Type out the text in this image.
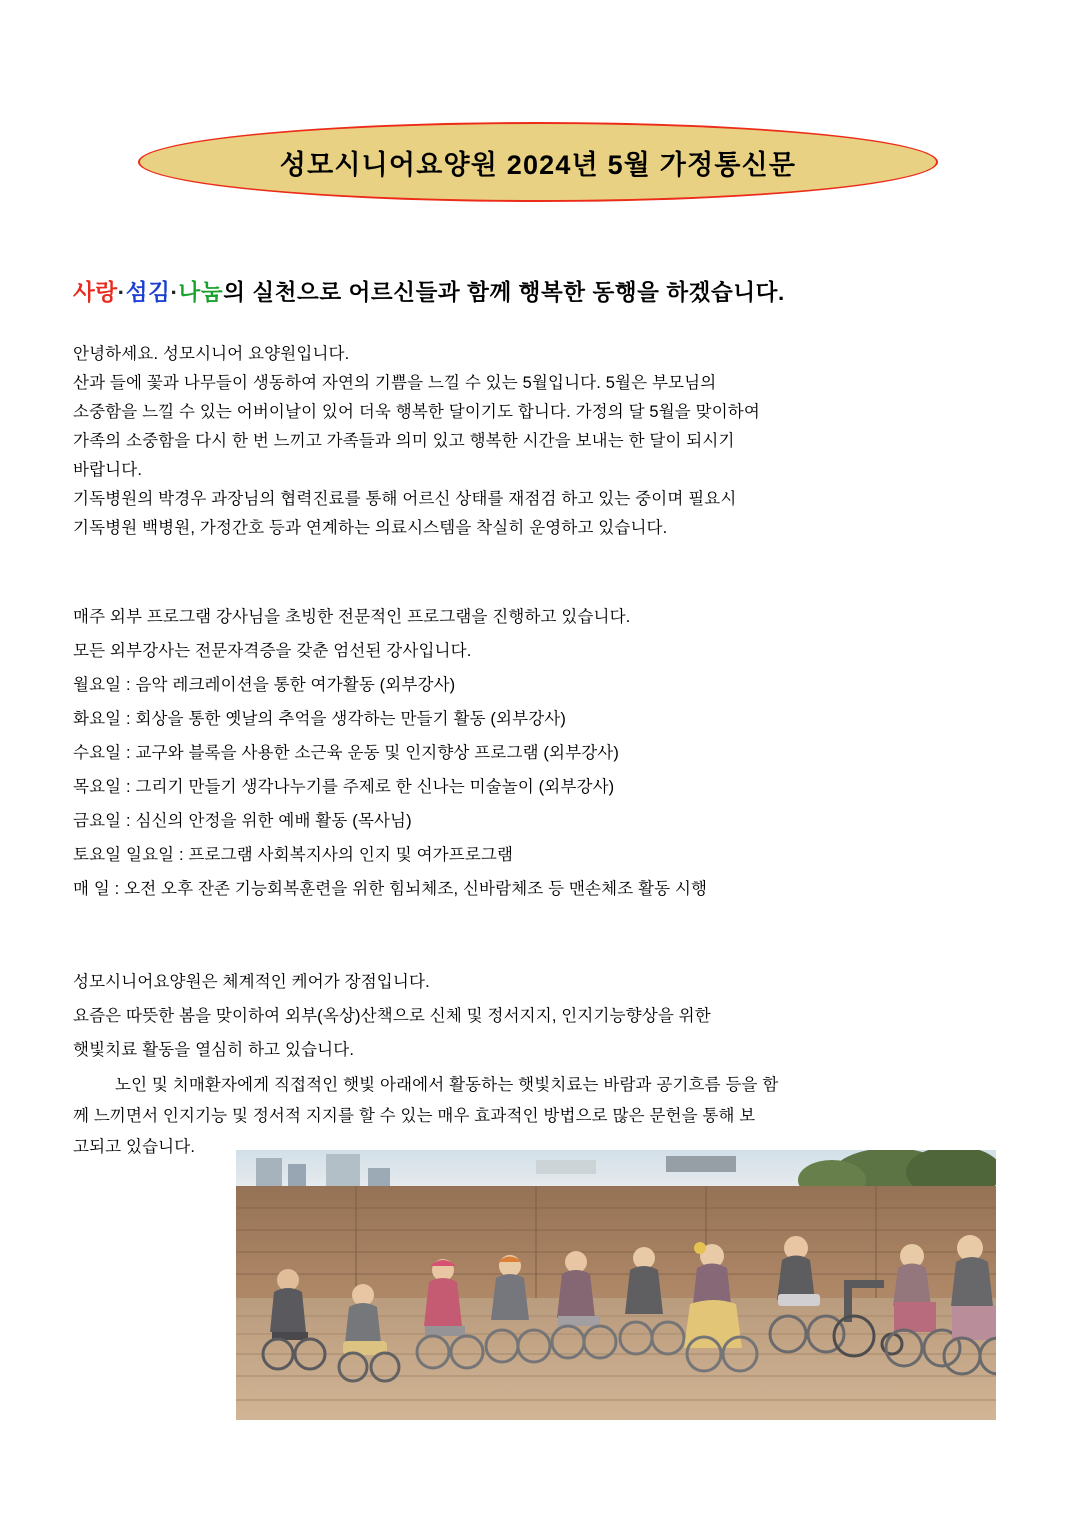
성모시니어요양원 2024년 5월 가정통신문
사랑·섬김·나눔의 실천으로 어르신들과 함께 행복한 동행을 하겠습니다.

안녕하세요. 성모시니어 요양원입니다.

산과 들에 꽃과 나무들이 생동하여 자연의 기쁨을 느낄 수 있는 5월입니다. 5월은 부모님의

소중함을 느낄 수 있는 어버이날이 있어 더욱 행복한 달이기도 합니다. 가정의 달 5월을 맞이하여

가족의 소중함을 다시 한 번 느끼고 가족들과 의미 있고 행복한 시간을 보내는 한 달이 되시기

바랍니다.

기독병원의 박경우 과장님의 협력진료를 통해 어르신 상태를 재점검 하고 있는 중이며 필요시

기독병원 백병원, 가정간호 등과 연계하는 의료시스템을 착실히 운영하고 있습니다.

매주 외부 프로그램 강사님을 초빙한 전문적인 프로그램을 진행하고 있습니다.

모든 외부강사는 전문자격증을 갖춘 엄선된 강사입니다.

월요일 : 음악 레크레이션을 통한 여가활동 (외부강사)

화요일 : 회상을 통한 옛날의 추억을 생각하는 만들기 활동 (외부강사)

수요일 : 교구와 블록을 사용한 소근육 운동 및 인지향상 프로그램 (외부강사)

목요일 : 그리기 만들기 생각나누기를 주제로 한 신나는 미술놀이 (외부강사)

금요일 : 심신의 안정을 위한 예배 활동 (목사님)

토요일 일요일 : 프로그램 사회복지사의 인지 및 여가프로그램

매 일 : 오전 오후 잔존 기능회복훈련을 위한 힘뇌체조, 신바람체조 등 맨손체조 활동 시행

성모시니어요양원은 체계적인 케어가 장점입니다.

요즘은 따뜻한 봄을 맞이하여 외부(옥상)산책으로 신체 및 정서지지, 인지기능향상을 위한

햇빛치료 활동을 열심히 하고 있습니다.

노인 및 치매환자에게 직접적인 햇빛 아래에서 활동하는 햇빛치료는 바람과 공기흐름 등을 함

께 느끼면서 인지기능 및 정서적 지지를 할 수 있는 매우 효과적인 방법으로 많은 문헌을 통해 보

고되고 있습니다.
